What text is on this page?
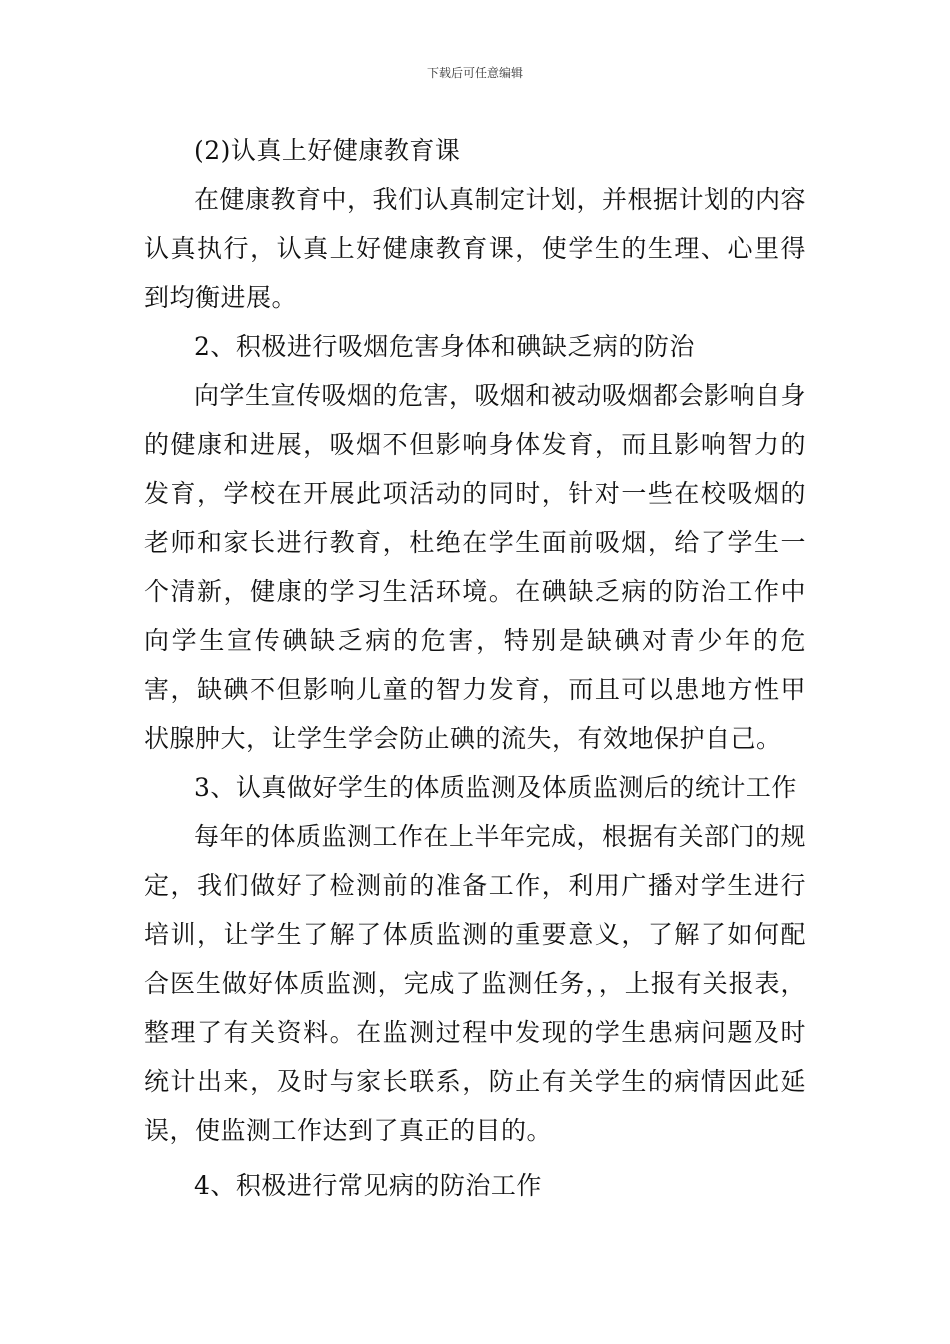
下载后可任意编辑

(2)认真上好健康教育课

在健康教育中，我们认真制定计划，并根据计划的内容认真执行，认真上好健康教育课，使学生的生理、心里得到均衡进展。

2、积极进行吸烟危害身体和碘缺乏病的防治

向学生宣传吸烟的危害，吸烟和被动吸烟都会影响自身的健康和进展，吸烟不但影响身体发育，而且影响智力的发育，学校在开展此项活动的同时，针对一些在校吸烟的老师和家长进行教育，杜绝在学生面前吸烟，给了学生一个清新，健康的学习生活环境。在碘缺乏病的防治工作中向学生宣传碘缺乏病的危害，特别是缺碘对青少年的危害，缺碘不但影响儿童的智力发育，而且可以患地方性甲状腺肿大，让学生学会防止碘的流失，有效地保护自己。

3、认真做好学生的体质监测及体质监测后的统计工作

每年的体质监测工作在上半年完成，根据有关部门的规定，我们做好了检测前的准备工作，利用广播对学生进行培训，让学生了解了体质监测的重要意义，了解了如何配合医生做好体质监测，完成了监测任务，，上报有关报表，整理了有关资料。在监测过程中发现的学生患病问题及时统计出来，及时与家长联系，防止有关学生的病情因此延误，使监测工作达到了真正的目的。

4、积极进行常见病的防治工作
